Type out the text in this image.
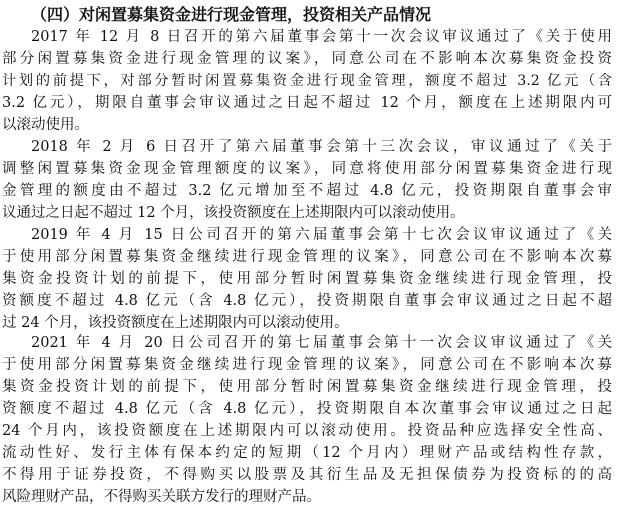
（四）对闲置募集资金进行现金管理，投资相关产品情况
2017 年 12 月 8 日召开的第六届董事会第十一次会议审议通过了《关于使用
部分闲置募集资金进行现金管理的议案》，同意公司在不影响本次募集资金投资
计划的前提下，对部分暂时闲置募集资金进行现金管理，额度不超过 3.2 亿元（含
3.2 亿元），期限自董事会审议通过之日起不超过 12 个月，额度在上述期限内可
以滚动使用。
2018 年 2 月 6 日召开了第六届董事会第十三次会议，审议通过了《关于
调整闲置募集资金现金管理额度的议案》，同意将使用部分闲置募集资金进行现
金管理的额度由不超过 3.2 亿元增加至不超过 4.8 亿元，投资期限自董事会审
议通过之日起不超过 12 个月，该投资额度在上述期限内可以滚动使用。
2019 年 4 月 15 日公司召开的第六届董事会第十七次会议审议通过了《关
于使用部分闲置募集资金继续进行现金管理的议案》，同意公司在不影响本次募
集资金投资计划的前提下，使用部分暂时闲置募集资金继续进行现金管理，投
资额度不超过 4.8 亿元（含 4.8 亿元），投资期限自董事会审议通过之日起不超
过 24 个月，该投资额度在上述期限内可以滚动使用。
2021 年 4 月 20 日公司召开的第七届董事会第十一次会议审议通过了《关
于使用部分闲置募集资金继续进行现金管理的议案》，同意公司在不影响本次募
集资金投资计划的前提下，使用部分暂时闲置募集资金继续进行现金管理，投
资额度不超过 4.8 亿元（含 4.8 亿元），投资期限自本次董事会审议通过之日起
24 个月内，该投资额度在上述期限内可以滚动使用。投资品种应选择安全性高、
流动性好、发行主体有保本约定的短期（12 个月内）理财产品或结构性存款，
不得用于证券投资，不得购买以股票及其衍生品及无担保债券为投资标的的高
风险理财产品，不得购买关联方发行的理财产品。
